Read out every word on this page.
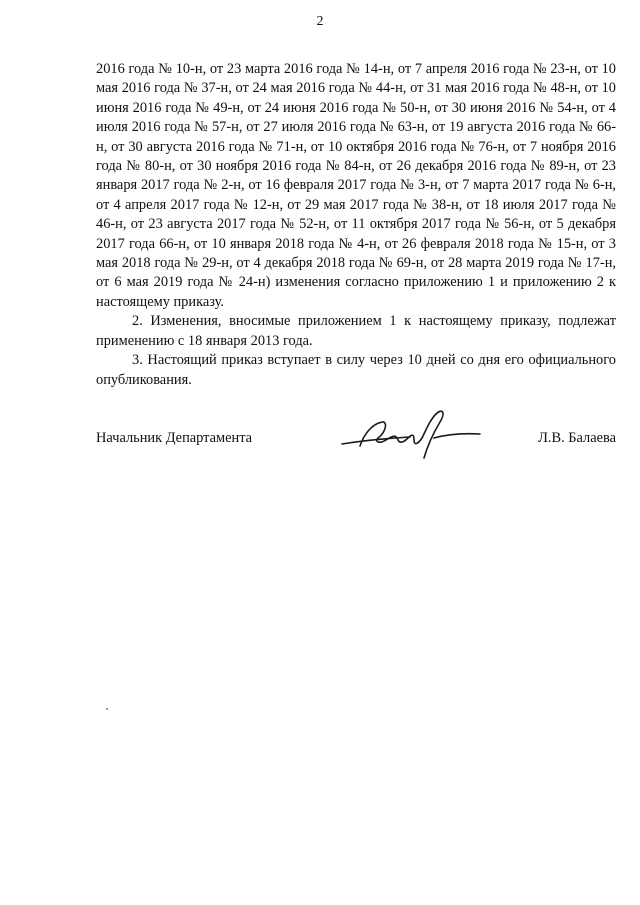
2

2016 года № 10-н, от 23 марта 2016 года № 14-н, от 7 апреля 2016 года № 23-н, от 10 мая 2016 года № 37-н, от 24 мая 2016 года № 44-н, от 31 мая 2016 года № 48-н, от 10 июня 2016 года № 49-н, от 24 июня 2016 года № 50-н, от 30 июня 2016 № 54-н, от 4 июля 2016 года № 57-н, от 27 июля 2016 года № 63-н, от 19 августа 2016 года № 66-н, от 30 августа 2016 года № 71-н, от 10 октября 2016 года № 76-н, от 7 ноября 2016 года № 80-н, от 30 ноября 2016 года № 84-н, от 26 декабря 2016 года № 89-н, от 23 января 2017 года № 2-н, от 16 февраля 2017 года № 3-н, от 7 марта 2017 года № 6-н, от 4 апреля 2017 года № 12-н, от 29 мая 2017 года № 38-н, от 18 июля 2017 года № 46-н, от 23 августа 2017 года № 52-н, от 11 октября 2017 года № 56-н, от 5 декабря 2017 года 66-н, от 10 января 2018 года № 4-н, от 26 февраля 2018 года № 15-н, от 3 мая 2018 года № 29-н, от 4 декабря 2018 года № 69-н, от 28 марта 2019 года № 17-н, от 6 мая 2019 года № 24-н) изменения согласно приложению 1 и приложению 2 к настоящему приказу.

2. Изменения, вносимые приложением 1 к настоящему приказу, подлежат применению с 18 января 2013 года.

3. Настоящий приказ вступает в силу через 10 дней со дня его официального опубликования.

Начальник Департамента	Л.В. Балаева
